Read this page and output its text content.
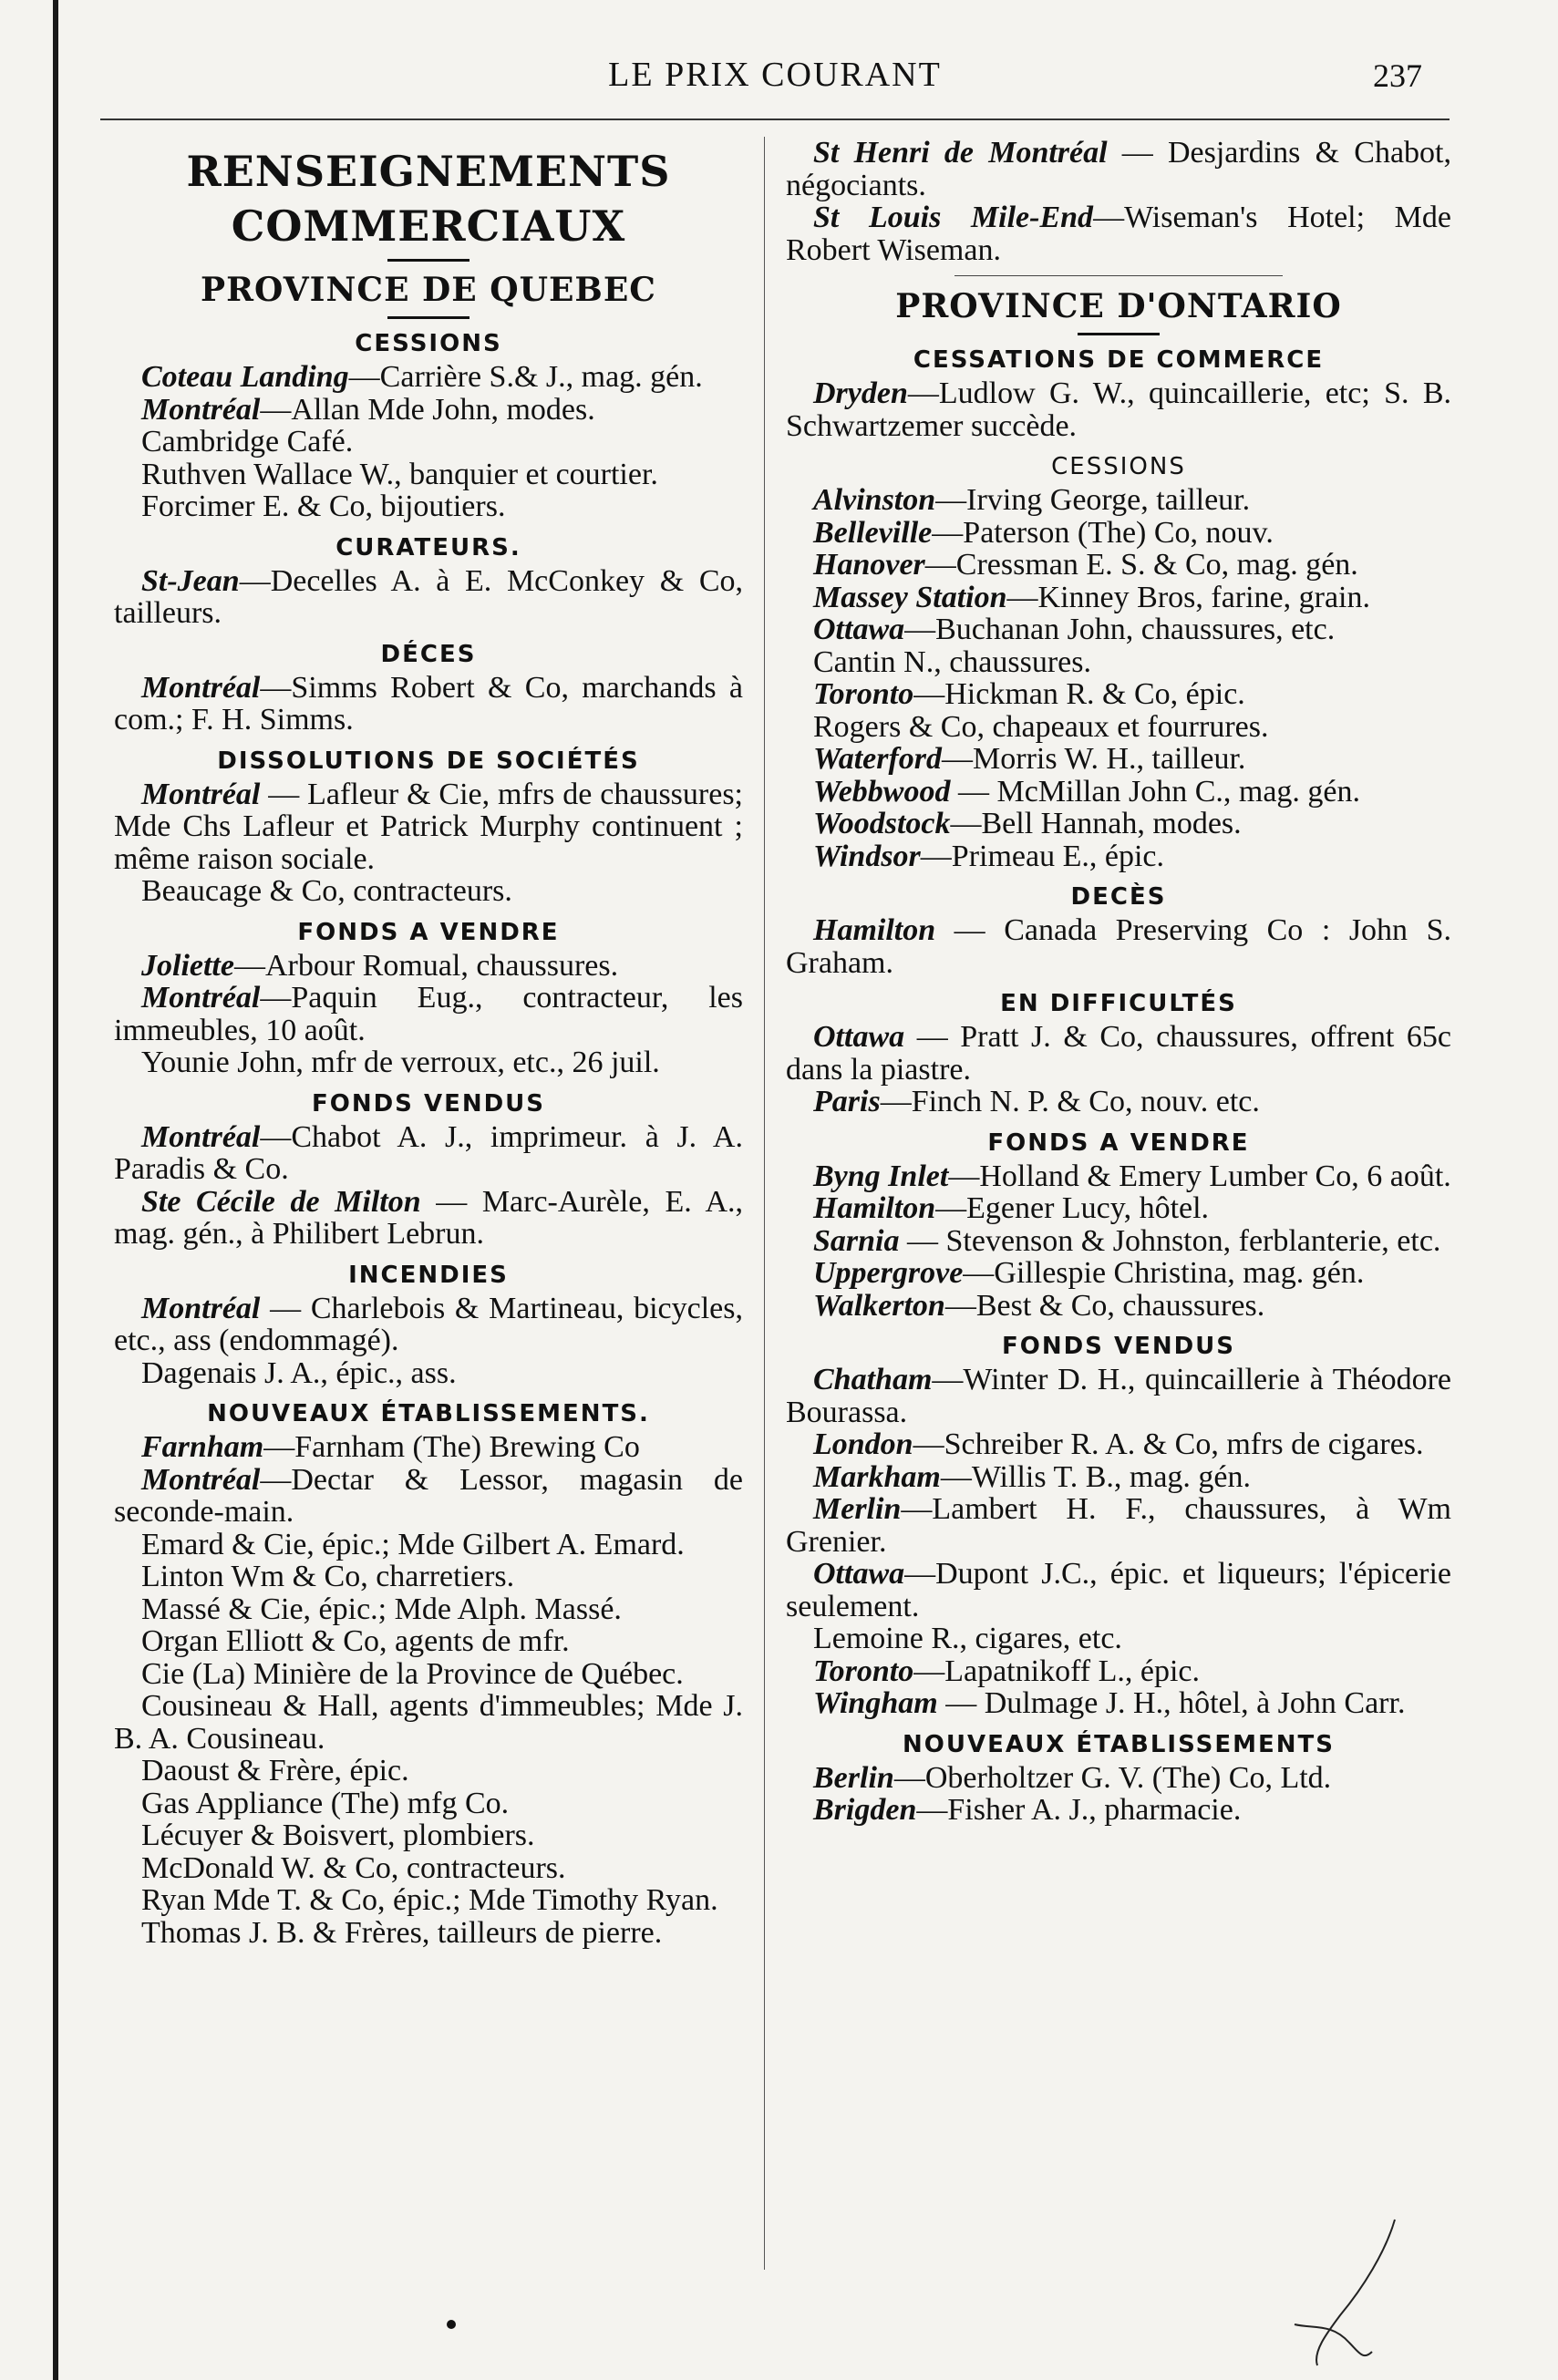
LE PRIX COURANT	237
RENSEIGNEMENTS COMMERCIAUX
PROVINCE DE QUEBEC
CESSIONS

Coteau Landing—Carrière S.& J., mag. gén.

Montréal—Allan Mde John, modes.

Cambridge Café.

Ruthven Wallace W., banquier et courtier.

Forcimer E. & Co, bijoutiers.

CURATEURS.

St-Jean—Decelles A. à E. McConkey & Co, tailleurs.

DÉCES

Montréal—Simms Robert & Co, marchands à com.; F. H. Simms.

DISSOLUTIONS DE SOCIÉTÉS

Montréal — Lafleur & Cie, mfrs de chaussures; Mde Chs Lafleur et Patrick Murphy continuent ; même raison sociale.

Beaucage & Co, contracteurs.

FONDS A VENDRE

Joliette—Arbour Romual, chaussures.

Montréal—Paquin Eug., contracteur, les immeubles, 10 août.

Younie John, mfr de verroux, etc., 26 juil.

FONDS VENDUS

Montréal—Chabot A. J., imprimeur. à J. A. Paradis & Co.

Ste Cécile de Milton — Marc-Aurèle, E. A., mag. gén., à Philibert Lebrun.

INCENDIES

Montréal — Charlebois & Martineau, bicycles, etc., ass (endommagé).

Dagenais J. A., épic., ass.

NOUVEAUX ÉTABLISSEMENTS.

Farnham—Farnham (The) Brewing Co

Montréal—Dectar & Lessor, magasin de seconde-main.

Emard & Cie, épic.; Mde Gilbert A. Emard.

Linton Wm & Co, charretiers.

Massé & Cie, épic.; Mde Alph. Massé.

Organ Elliott & Co, agents de mfr.

Cie (La) Minière de la Province de Québec.

Cousineau & Hall, agents d'immeubles; Mde J. B. A. Cousineau.

Daoust & Frère, épic.

Gas Appliance (The) mfg Co.

Lécuyer & Boisvert, plombiers.

McDonald W. & Co, contracteurs.

Ryan Mde T. & Co, épic.; Mde Timothy Ryan.

Thomas J. B. & Frères, tailleurs de pierre.

St Henri de Montréal — Desjardins & Chabot, négociants.

St Louis Mile-End—Wiseman's Hotel; Mde Robert Wiseman.

PROVINCE D'ONTARIO
CESSATIONS DE COMMERCE

Dryden—Ludlow G. W., quincaillerie, etc; S. B. Schwartzemer succède.

CESSIONS

Alvinston—Irving George, tailleur.

Belleville—Paterson (The) Co, nouv.

Hanover—Cressman E. S. & Co, mag. gén.

Massey Station—Kinney Bros, farine, grain.

Ottawa—Buchanan John, chaussures, etc.

Cantin N., chaussures.

Toronto—Hickman R. & Co, épic.

Rogers & Co, chapeaux et fourrures.

Waterford—Morris W. H., tailleur.

Webbwood — McMillan John C., mag. gén.

Woodstock—Bell Hannah, modes.

Windsor—Primeau E., épic.

DECÈS

Hamilton — Canada Preserving Co : John S. Graham.

EN DIFFICULTÉS

Ottawa — Pratt J. & Co, chaussures, offrent 65c dans la piastre.

Paris—Finch N. P. & Co, nouv. etc.

FONDS A VENDRE

Byng Inlet—Holland & Emery Lumber Co, 6 août.

Hamilton—Egener Lucy, hôtel.

Sarnia — Stevenson & Johnston, ferblanterie, etc.

Uppergrove—Gillespie Christina, mag. gén.

Walkerton—Best & Co, chaussures.

FONDS VENDUS

Chatham—Winter D. H., quincaillerie à Théodore Bourassa.

London—Schreiber R. A. & Co, mfrs de cigares.

Markham—Willis T. B., mag. gén.

Merlin—Lambert H. F., chaussures, à Wm Grenier.

Ottawa—Dupont J.C., épic. et liqueurs; l'épicerie seulement.

Lemoine R., cigares, etc.

Toronto—Lapatnikoff L., épic.

Wingham — Dulmage J. H., hôtel, à John Carr.

NOUVEAUX ÉTABLISSEMENTS

Berlin—Oberholtzer G. V. (The) Co, Ltd.

Brigden—Fisher A. J., pharmacie.
